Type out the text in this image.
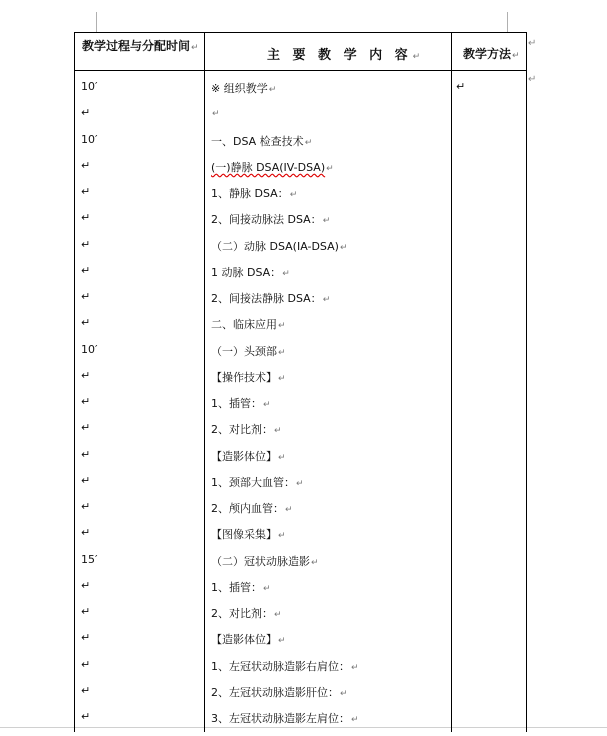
教学过程与分配时间↵	主 要 教 学 内 容↵	教学方法↵
↵
↵
10′	※ 组织教学↵	↵
↵	↵
10′	一、DSA 检查技术↵
↵	(一)静脉 DSA(IV-DSA)↵
↵	1、静脉 DSA：↵
↵	2、间接动脉法 DSA：↵
↵	（二）动脉 DSA(IA-DSA)↵
↵	1 动脉 DSA：↵
↵	2、间接法静脉 DSA：↵
↵	二、临床应用↵
10′	（一）头颈部↵
↵	【操作技术】↵
↵	1、插管：↵
↵	2、对比剂：↵
↵	【造影体位】↵
↵	1、颈部大血管：↵
↵	2、颅内血管：↵
↵	【图像采集】↵
15′	（二）冠状动脉造影↵
↵	1、插管：↵
↵	2、对比剂：↵
↵	【造影体位】↵
↵	1、左冠状动脉造影右肩位：↵
↵	2、左冠状动脉造影肝位：↵
↵	3、左冠状动脉造影左肩位：↵
